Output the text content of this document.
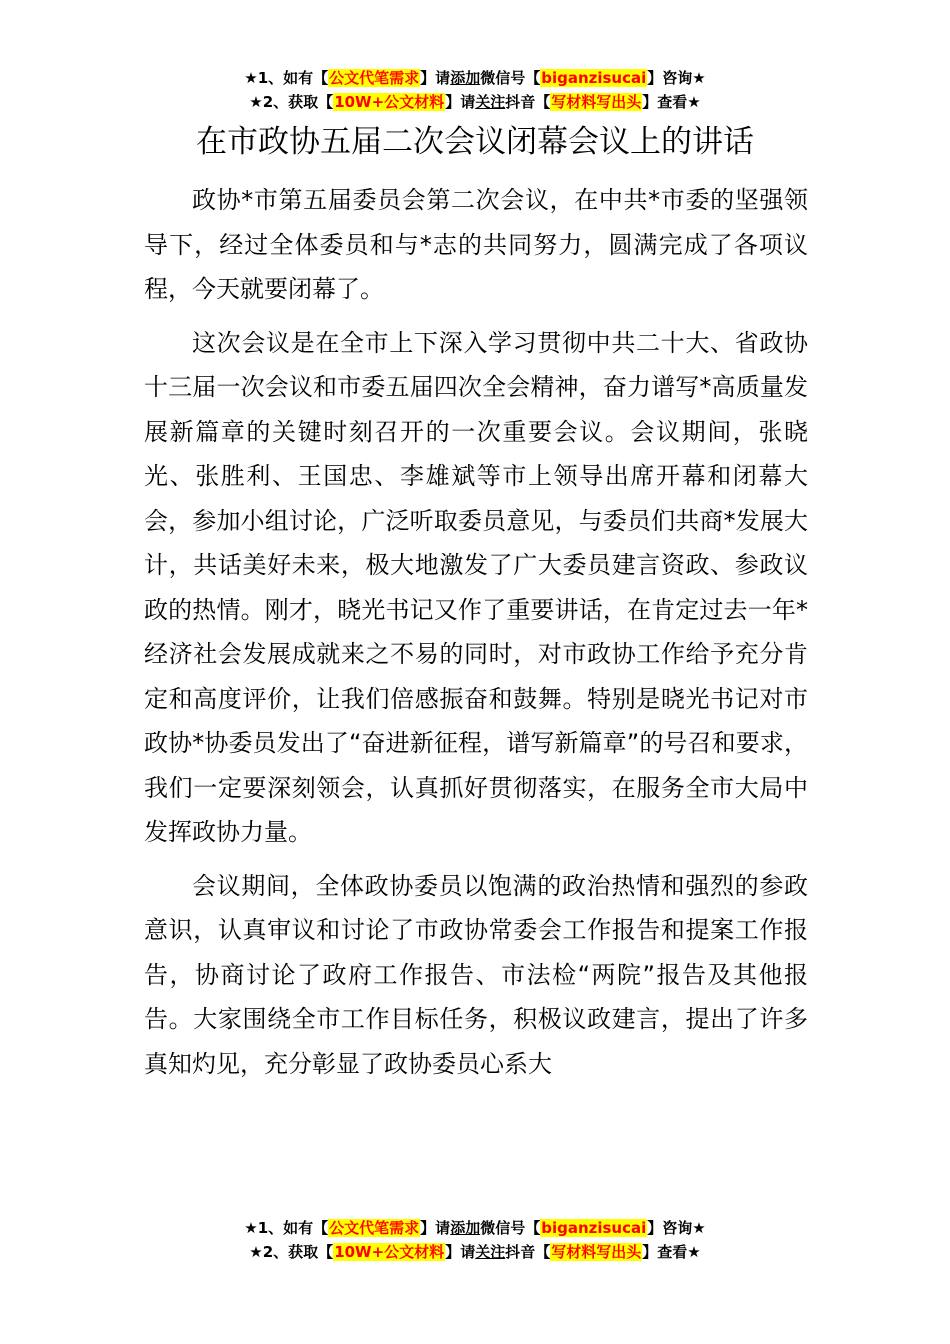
★1、如有【公文代笔需求】请添加微信号【biganzisucai】咨询★
★2、获取【10W+公文材料】请关注抖音【写材料写出头】查看★
在市政协五届二次会议闭幕会议上的讲话

政协*市第五届委员会第二次会议，在中共*市委的坚强领导下，经过全体委员和与*志的共同努力，圆满完成了各项议程，今天就要闭幕了。

这次会议是在全市上下深入学习贯彻中共二十大、省政协十三届一次会议和市委五届四次全会精神，奋力谱写*高质量发展新篇章的关键时刻召开的一次重要会议。会议期间，张晓光、张胜利、王国忠、李雄斌等市上领导出席开幕和闭幕大会，参加小组讨论，广泛听取委员意见，与委员们共商*发展大计，共话美好未来，极大地激发了广大委员建言资政、参政议政的热情。刚才，晓光书记又作了重要讲话，在肯定过去一年*经济社会发展成就来之不易的同时，对市政协工作给予充分肯定和高度评价，让我们倍感振奋和鼓舞。特别是晓光书记对市政协*协委员发出了“奋进新征程，谱写新篇章”的号召和要求，我们一定要深刻领会，认真抓好贯彻落实，在服务全市大局中发挥政协力量。

会议期间，全体政协委员以饱满的政治热情和强烈的参政意识，认真审议和讨论了市政协常委会工作报告和提案工作报告，协商讨论了政府工作报告、市法检“两院”报告及其他报告。大家围绕全市工作目标任务，积极议政建言，提出了许多真知灼见，充分彰显了政协委员心系大

★1、如有【公文代笔需求】请添加微信号【biganzisucai】咨询★
★2、获取【10W+公文材料】请关注抖音【写材料写出头】查看★
